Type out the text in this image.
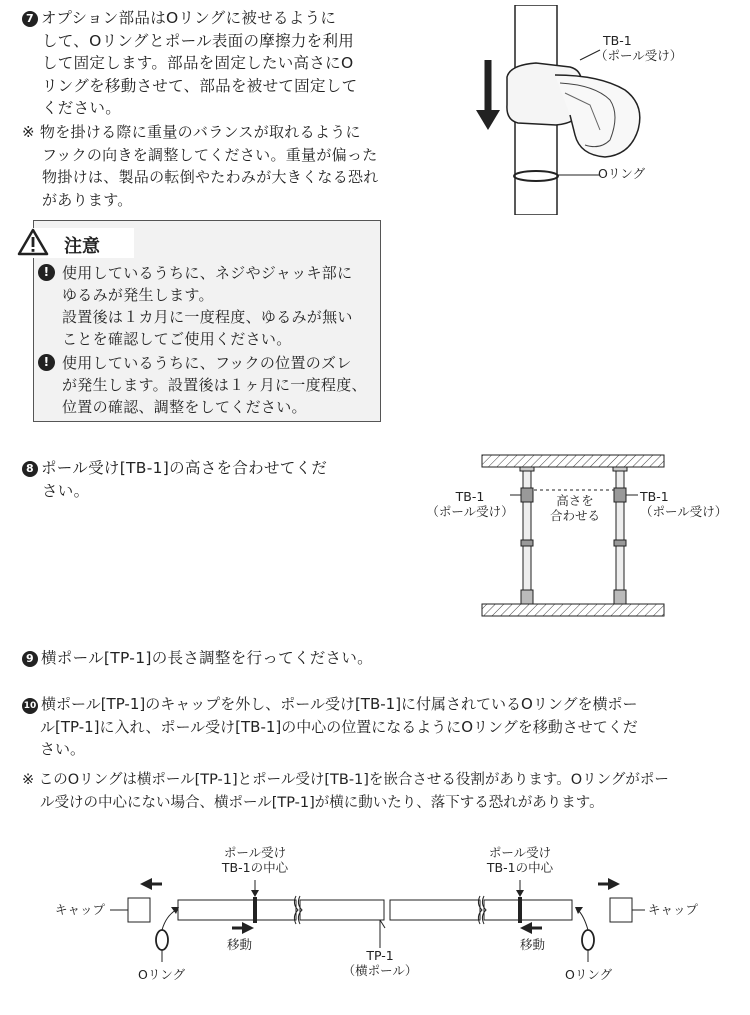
7 オプション部品はOリングに被せるように
して、Oリングとポール表面の摩擦力を利用
して固定します。部品を固定したい高さにO
リングを移動させて、部品を被せて固定して
ください。
※ 物を掛ける際に重量のバランスが取れるように
フックの向きを調整してください。重量が偏った
物掛けは、製品の転倒やたわみが大きくなる恐れ
があります。
TB-1
（ポール受け）
Oリング
注意
! 使用しているうちに、ネジやジャッキ部に
ゆるみが発生します。
設置後は１カ月に一度程度、ゆるみが無い
ことを確認してご使用ください。
! 使用しているうちに、フックの位置のズレ
が発生します。設置後は１ヶ月に一度程度、
位置の確認、調整をしてください。
8 ポール受け[TB-1]の高さを合わせてくだ
さい。	TB-1
（ポール受け）
TB-1
（ポール受け）
高さを
合わせる
9 横ポール[TP-1]の長さ調整を行ってください。
10 横ポール[TP-1]のキャップを外し、ポール受け[TB-1]に付属されているOリングを横ポー
ル[TP-1]に入れ、ポール受け[TB-1]の中心の位置になるようにOリングを移動させてくだ
さい。
※ このOリングは横ポール[TP-1]とポール受け[TB-1]を嵌合させる役割があります。Oリングがポー
ル受けの中心にない場合、横ポール[TP-1]が横に動いたり、落下する恐れがあります。
ポール受け
TB-1の中心
ポール受け
TB-1の中心
キャップ	キャップ
移動	移動
TP-1
（横ポール）
Oリング	Oリング
